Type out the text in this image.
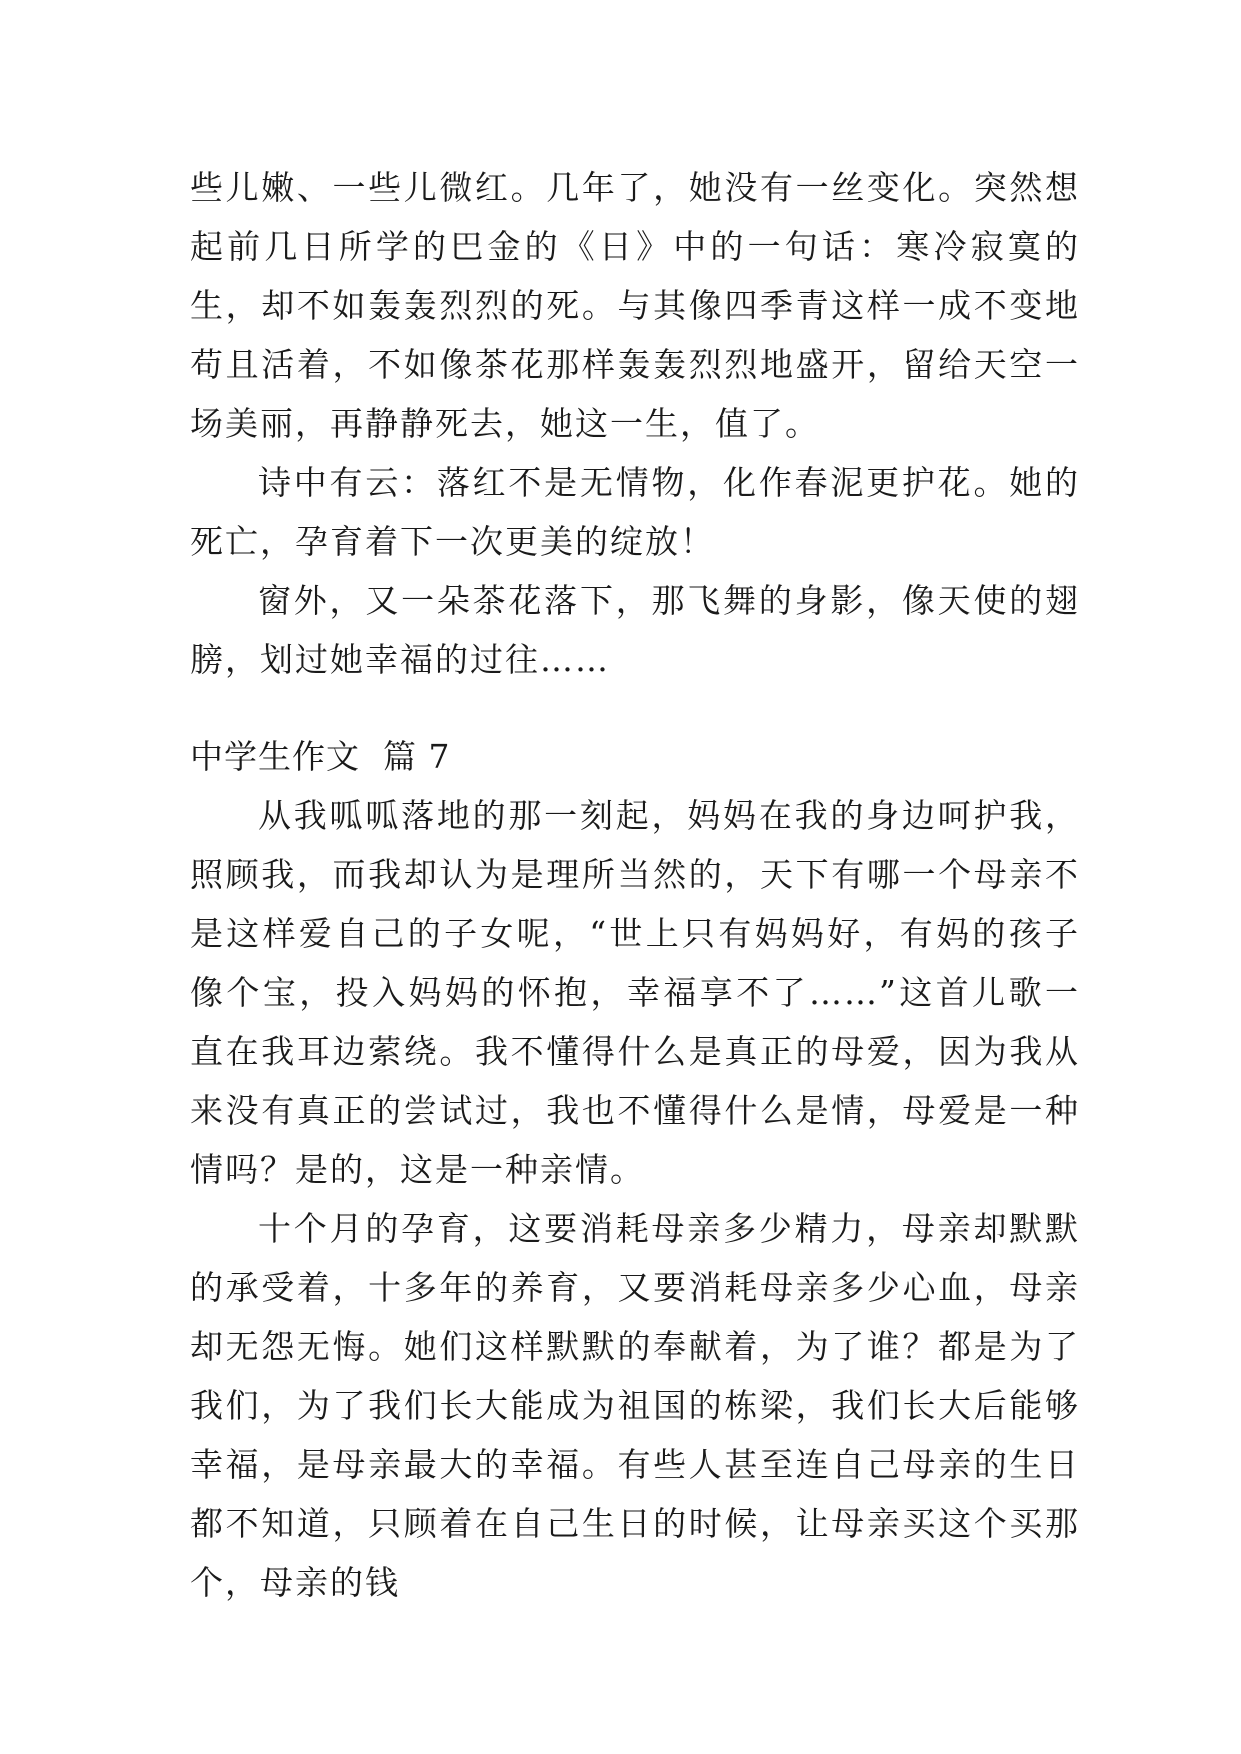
些儿嫩、一些儿微红。几年了，她没有一丝变化。突然想起前几日所学的巴金的《日》中的一句话：寒冷寂寞的生，却不如轰轰烈烈的死。与其像四季青这样一成不变地苟且活着，不如像茶花那样轰轰烈烈地盛开，留给天空一场美丽，再静静死去，她这一生，值了。

诗中有云：落红不是无情物，化作春泥更护花。她的死亡，孕育着下一次更美的绽放！

窗外，又一朵茶花落下，那飞舞的身影，像天使的翅膀，划过她幸福的过往……

中学生作文  篇 7

从我呱呱落地的那一刻起，妈妈在我的身边呵护我，照顾我，而我却认为是理所当然的，天下有哪一个母亲不是这样爱自己的子女呢，“世上只有妈妈好，有妈的孩子像个宝，投入妈妈的怀抱，幸福享不了……”这首儿歌一直在我耳边萦绕。我不懂得什么是真正的母爱，因为我从来没有真正的尝试过，我也不懂得什么是情，母爱是一种情吗？是的，这是一种亲情。

十个月的孕育，这要消耗母亲多少精力，母亲却默默的承受着，十多年的养育，又要消耗母亲多少心血，母亲却无怨无悔。她们这样默默的奉献着，为了谁？都是为了我们，为了我们长大能成为祖国的栋梁，我们长大后能够幸福，是母亲最大的幸福。有些人甚至连自己母亲的生日都不知道，只顾着在自己生日的时候，让母亲买这个买那个，母亲的钱
